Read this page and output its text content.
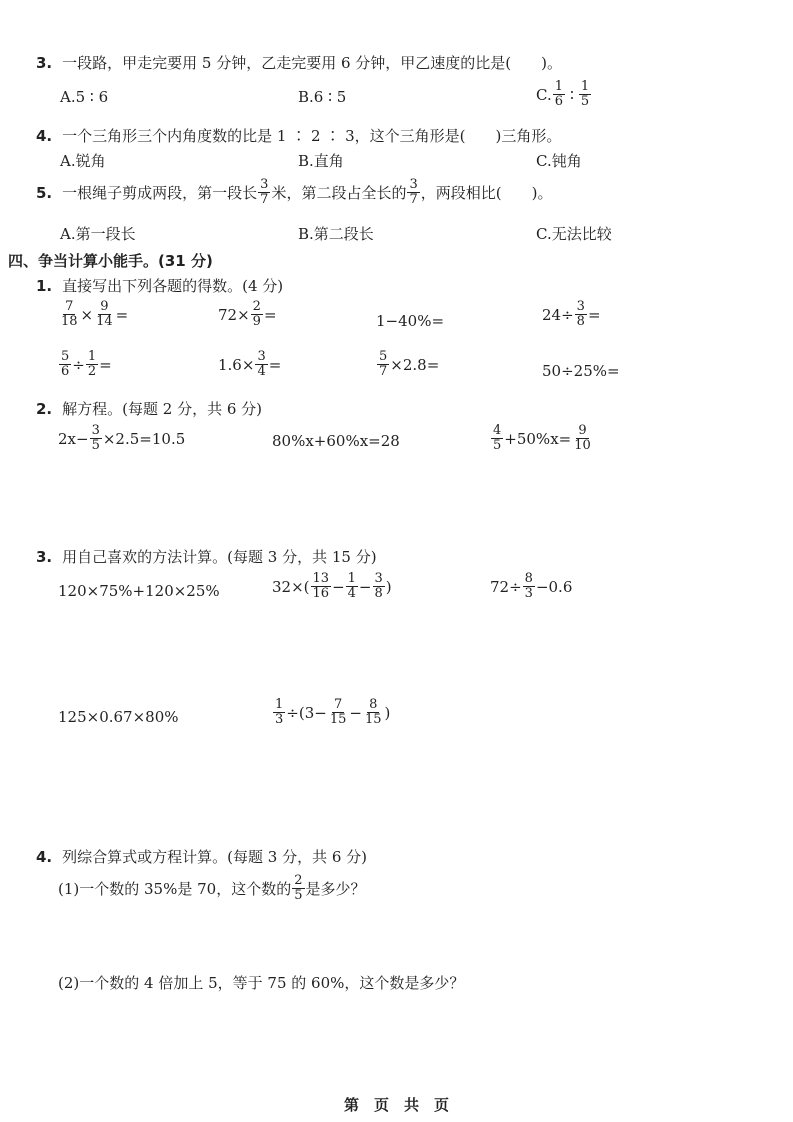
3. 一段路，甲走完要用 5 分钟，乙走完要用 6 分钟，甲乙速度的比是(　　)。
A.5 ∶ 6	B.6 ∶ 5	C. $\frac{1}{6}$ ∶ $\frac{1}{5}$
4. 一个三角形三个内角度数的比是 1 ∶ 2 ∶ 3，这个三角形是(　　)三角形。
A.锐角	B.直角	C.钝角
5. 一根绳子剪成两段，第一段长 $\frac{3}{7}$ 米，第二段占全长的 $\frac{3}{7}$ ，两段相比(　　)。
A.第一段长	B.第二段长	C.无法比较
四、争当计算小能手。(31 分)
1. 直接写出下列各题的得数。(4 分)
$\frac{7}{18} \times \frac{9}{14}$ =	$72\times \frac{2}{9}$ =	1−40%=	$24\div \frac{3}{8}$ =
$\frac{5}{6} \div \frac{1}{2}$ =	$1.6\times \frac{3}{4}$ =	$\frac{5}{7} \times 2.8=$	50÷25%=
2. 解方程。(每题 2 分，共 6 分)
$2x- \frac{3}{5} \times 2.5=10.5$	80%x+60%x=28	$\frac{4}{5} +50\%x= \frac{9}{10}$
3. 用自己喜欢的方法计算。(每题 3 分，共 15 分)
120×75%+120×25%	$32\times( \frac{13}{16} - \frac{1}{4} - \frac{3}{8}$ )	$72\div \frac{8}{3} -0.6$
125×0.67×80%	$\frac{1}{3} \div(3- \frac{7}{15} - \frac{8}{15}$ )
4. 列综合算式或方程计算。(每题 3 分，共 6 分)
(1)一个数的 35%是 70，这个数的 $\frac{2}{5}$ 是多少？
(2)一个数的 4 倍加上 5，等于 75 的 60%，这个数是多少？
第　页　共　页
